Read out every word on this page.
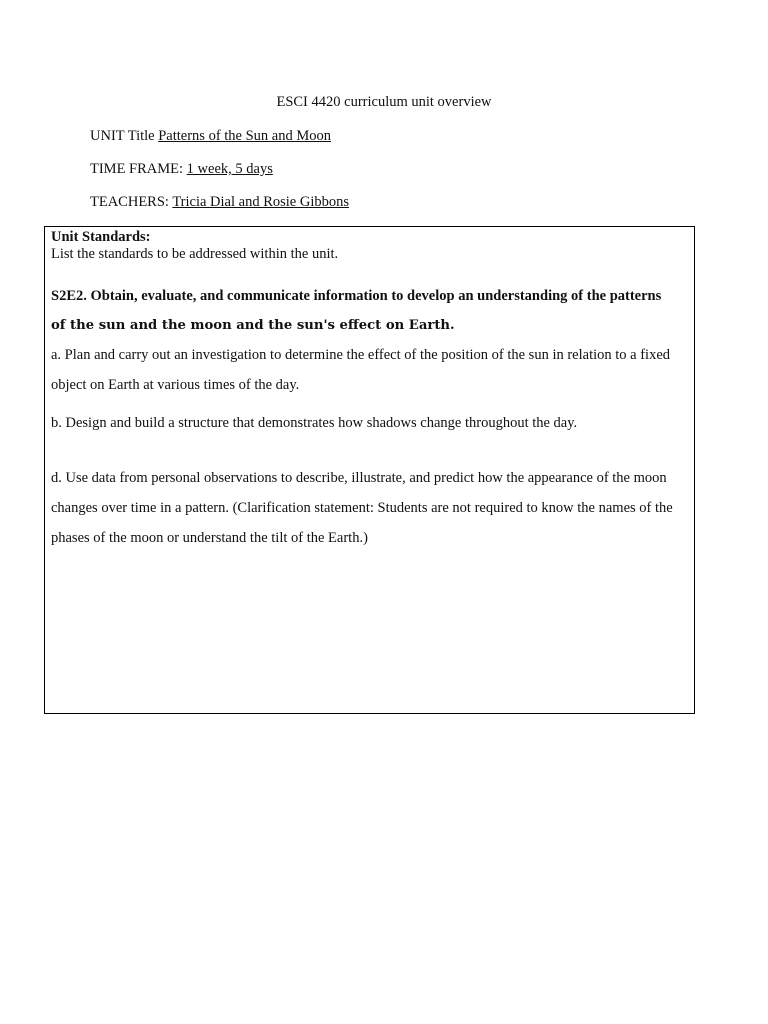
ESCI 4420 curriculum unit overview
UNIT Title Patterns of the Sun and Moon
TIME FRAME: 1 week, 5 days
TEACHERS: Tricia Dial and Rosie Gibbons
Unit Standards:
List the standards to be addressed within the unit.
S2E2. Obtain, evaluate, and communicate information to develop an understanding of the patterns
of the sun and the moon and the sun's effect on Earth.
a. Plan and carry out an investigation to determine the effect of the position of the sun in relation to a fixed object on Earth at various times of the day.
b. Design and build a structure that demonstrates how shadows change throughout the day.
d. Use data from personal observations to describe, illustrate, and predict how the appearance of the moon changes over time in a pattern. (Clarification statement: Students are not required to know the names of the phases of the moon or understand the tilt of the Earth.)
